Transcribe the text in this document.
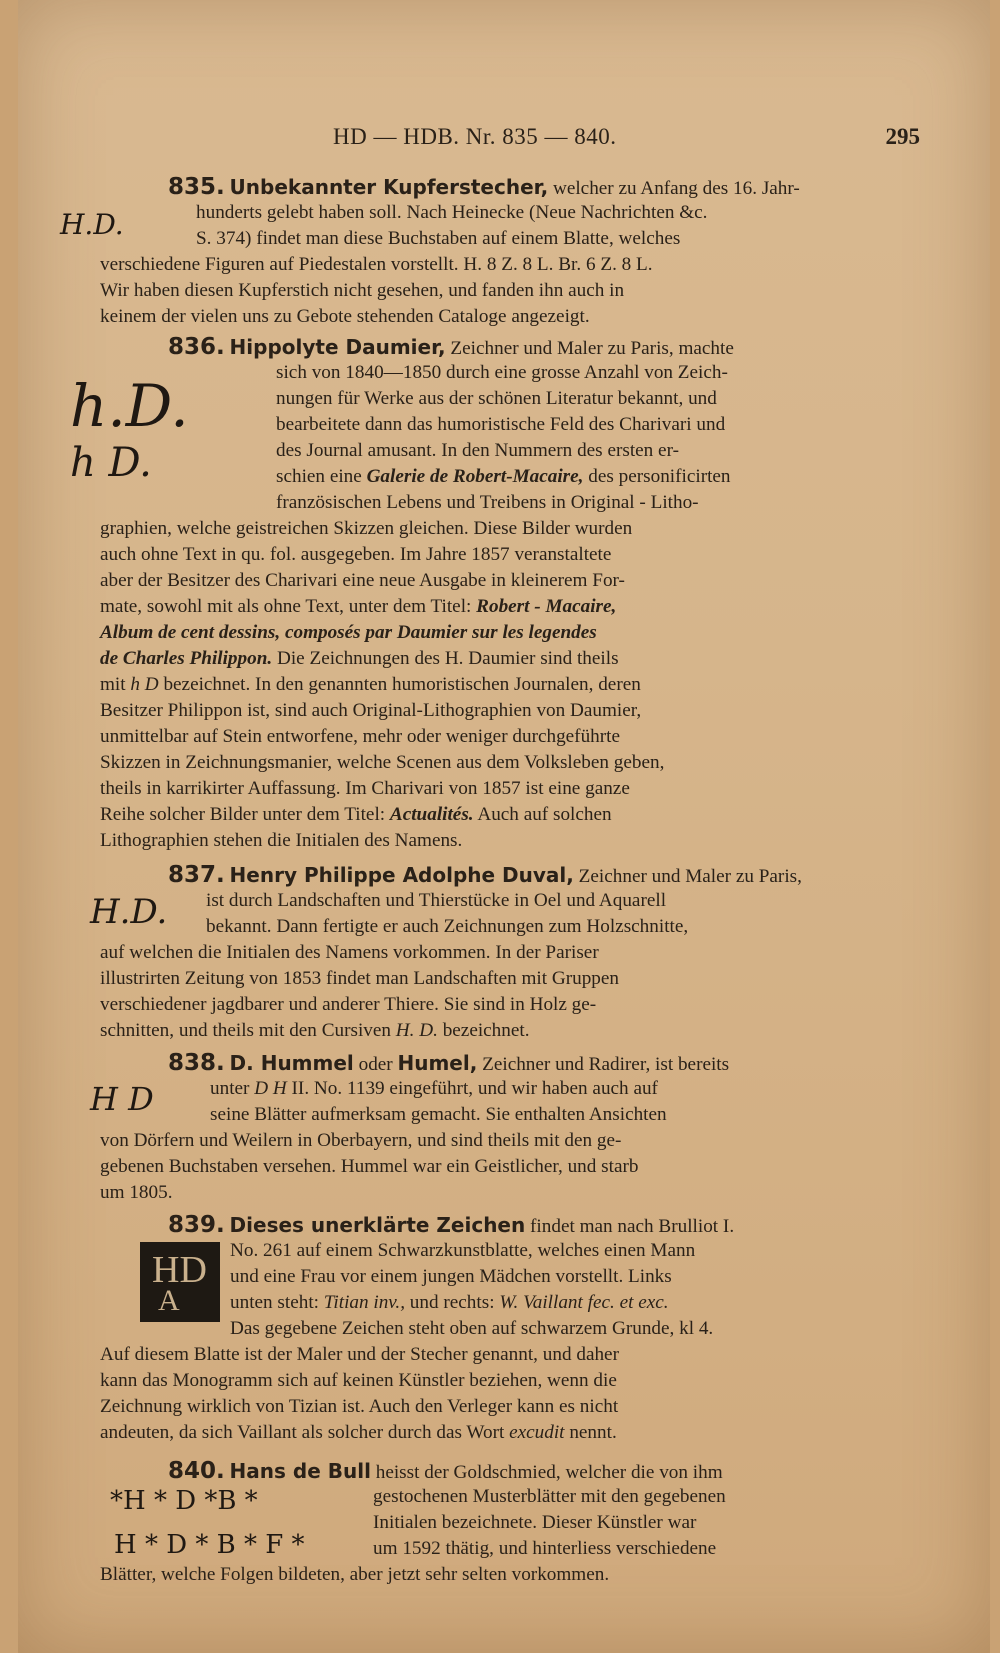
HD — HDB. Nr. 835 — 840.	295
835. Unbekannter Kupferstecher, welcher zu Anfang des 16. Jahr-
H.D.	hunderts gelebt haben soll. Nach Heinecke (Neue Nachrichten &c.
S. 374) findet man diese Buchstaben auf einem Blatte, welches
verschiedene Figuren auf Piedestalen vorstellt. H. 8 Z. 8 L. Br. 6 Z. 8 L.
Wir haben diesen Kupferstich nicht gesehen, und fanden ihn auch in
keinem der vielen uns zu Gebote stehenden Cataloge angezeigt.
836. Hippolyte Daumier, Zeichner und Maler zu Paris, machte
h.D.
h D.
sich von 1840—1850 durch eine grosse Anzahl von Zeich-
nungen für Werke aus der schönen Literatur bekannt, und
bearbeitete dann das humoristische Feld des Charivari und
des Journal amusant. In den Nummern des ersten er-
schien eine Galerie de Robert-Macaire, des personificirten
französischen Lebens und Treibens in Original - Litho-
graphien, welche geistreichen Skizzen gleichen. Diese Bilder wurden
auch ohne Text in qu. fol. ausgegeben. Im Jahre 1857 veranstaltete
aber der Besitzer des Charivari eine neue Ausgabe in kleinerem For-
mate, sowohl mit als ohne Text, unter dem Titel: Robert - Macaire,
Album de cent dessins, composés par Daumier sur les legendes
de Charles Philippon. Die Zeichnungen des H. Daumier sind theils
mit h D bezeichnet. In den genannten humoristischen Journalen, deren
Besitzer Philippon ist, sind auch Original-Lithographien von Daumier,
unmittelbar auf Stein entworfene, mehr oder weniger durchgeführte
Skizzen in Zeichnungsmanier, welche Scenen aus dem Volksleben geben,
theils in karrikirter Auffassung. Im Charivari von 1857 ist eine ganze
Reihe solcher Bilder unter dem Titel: Actualités. Auch auf solchen
Lithographien stehen die Initialen des Namens.
837. Henry Philippe Adolphe Duval, Zeichner und Maler zu Paris,
H.D. ist durch Landschaften und Thierstücke in Oel und Aquarell
bekannt. Dann fertigte er auch Zeichnungen zum Holzschnitte,
auf welchen die Initialen des Namens vorkommen. In der Pariser
illustrirten Zeitung von 1853 findet man Landschaften mit Gruppen
verschiedener jagdbarer und anderer Thiere. Sie sind in Holz ge-
schnitten, und theils mit den Cursiven H. D. bezeichnet.
838. D. Hummel oder Humel, Zeichner und Radirer, ist bereits
H D	unter D H II. No. 1139 eingeführt, und wir haben auch auf
seine Blätter aufmerksam gemacht. Sie enthalten Ansichten
von Dörfern und Weilern in Oberbayern, und sind theils mit den ge-
gebenen Buchstaben versehen. Hummel war ein Geistlicher, und starb
um 1805.
839. Dieses unerklärte Zeichen findet man nach Brulliot I.
HD
A
No. 261 auf einem Schwarzkunstblatte, welches einen Mann
und eine Frau vor einem jungen Mädchen vorstellt. Links
unten steht: Titian inv., und rechts: W. Vaillant fec. et exc.
Das gegebene Zeichen steht oben auf schwarzem Grunde, kl 4.
Auf diesem Blatte ist der Maler und der Stecher genannt, und daher
kann das Monogramm sich auf keinen Künstler beziehen, wenn die
Zeichnung wirklich von Tizian ist. Auch den Verleger kann es nicht
andeuten, da sich Vaillant als solcher durch das Wort excudit nennt.
840. Hans de Bull heisst der Goldschmied, welcher die von ihm
*H * D *B *
H * D * B * F *
gestochenen Musterblätter mit den gegebenen
Initialen bezeichnete. Dieser Künstler war
um 1592 thätig, und hinterliess verschiedene
Blätter, welche Folgen bildeten, aber jetzt sehr selten vorkommen.
